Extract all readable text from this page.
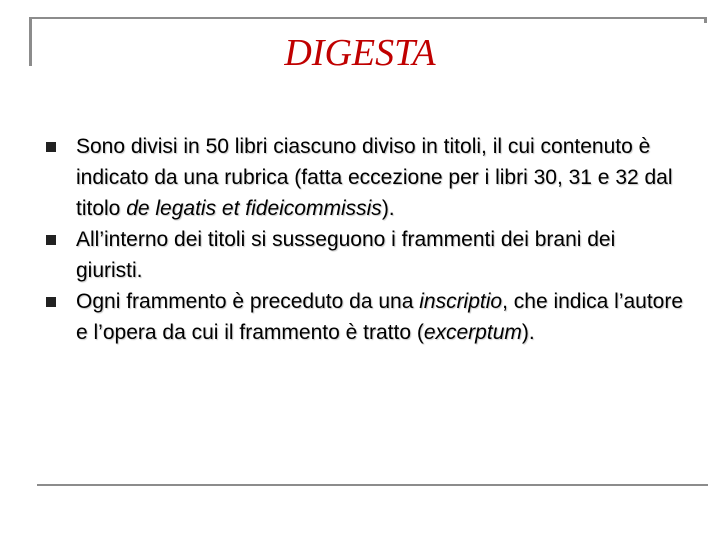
DIGESTA
Sono divisi in 50 libri ciascuno diviso in titoli, il cui contenuto è indicato da una rubrica (fatta eccezione per i libri 30, 31 e 32 dal titolo de legatis et fideicommissis).
All’interno dei titoli si susseguono i frammenti dei brani dei giuristi.
Ogni frammento è preceduto da una inscriptio, che indica l’autore e l’opera da cui il frammento è tratto (excerptum).
